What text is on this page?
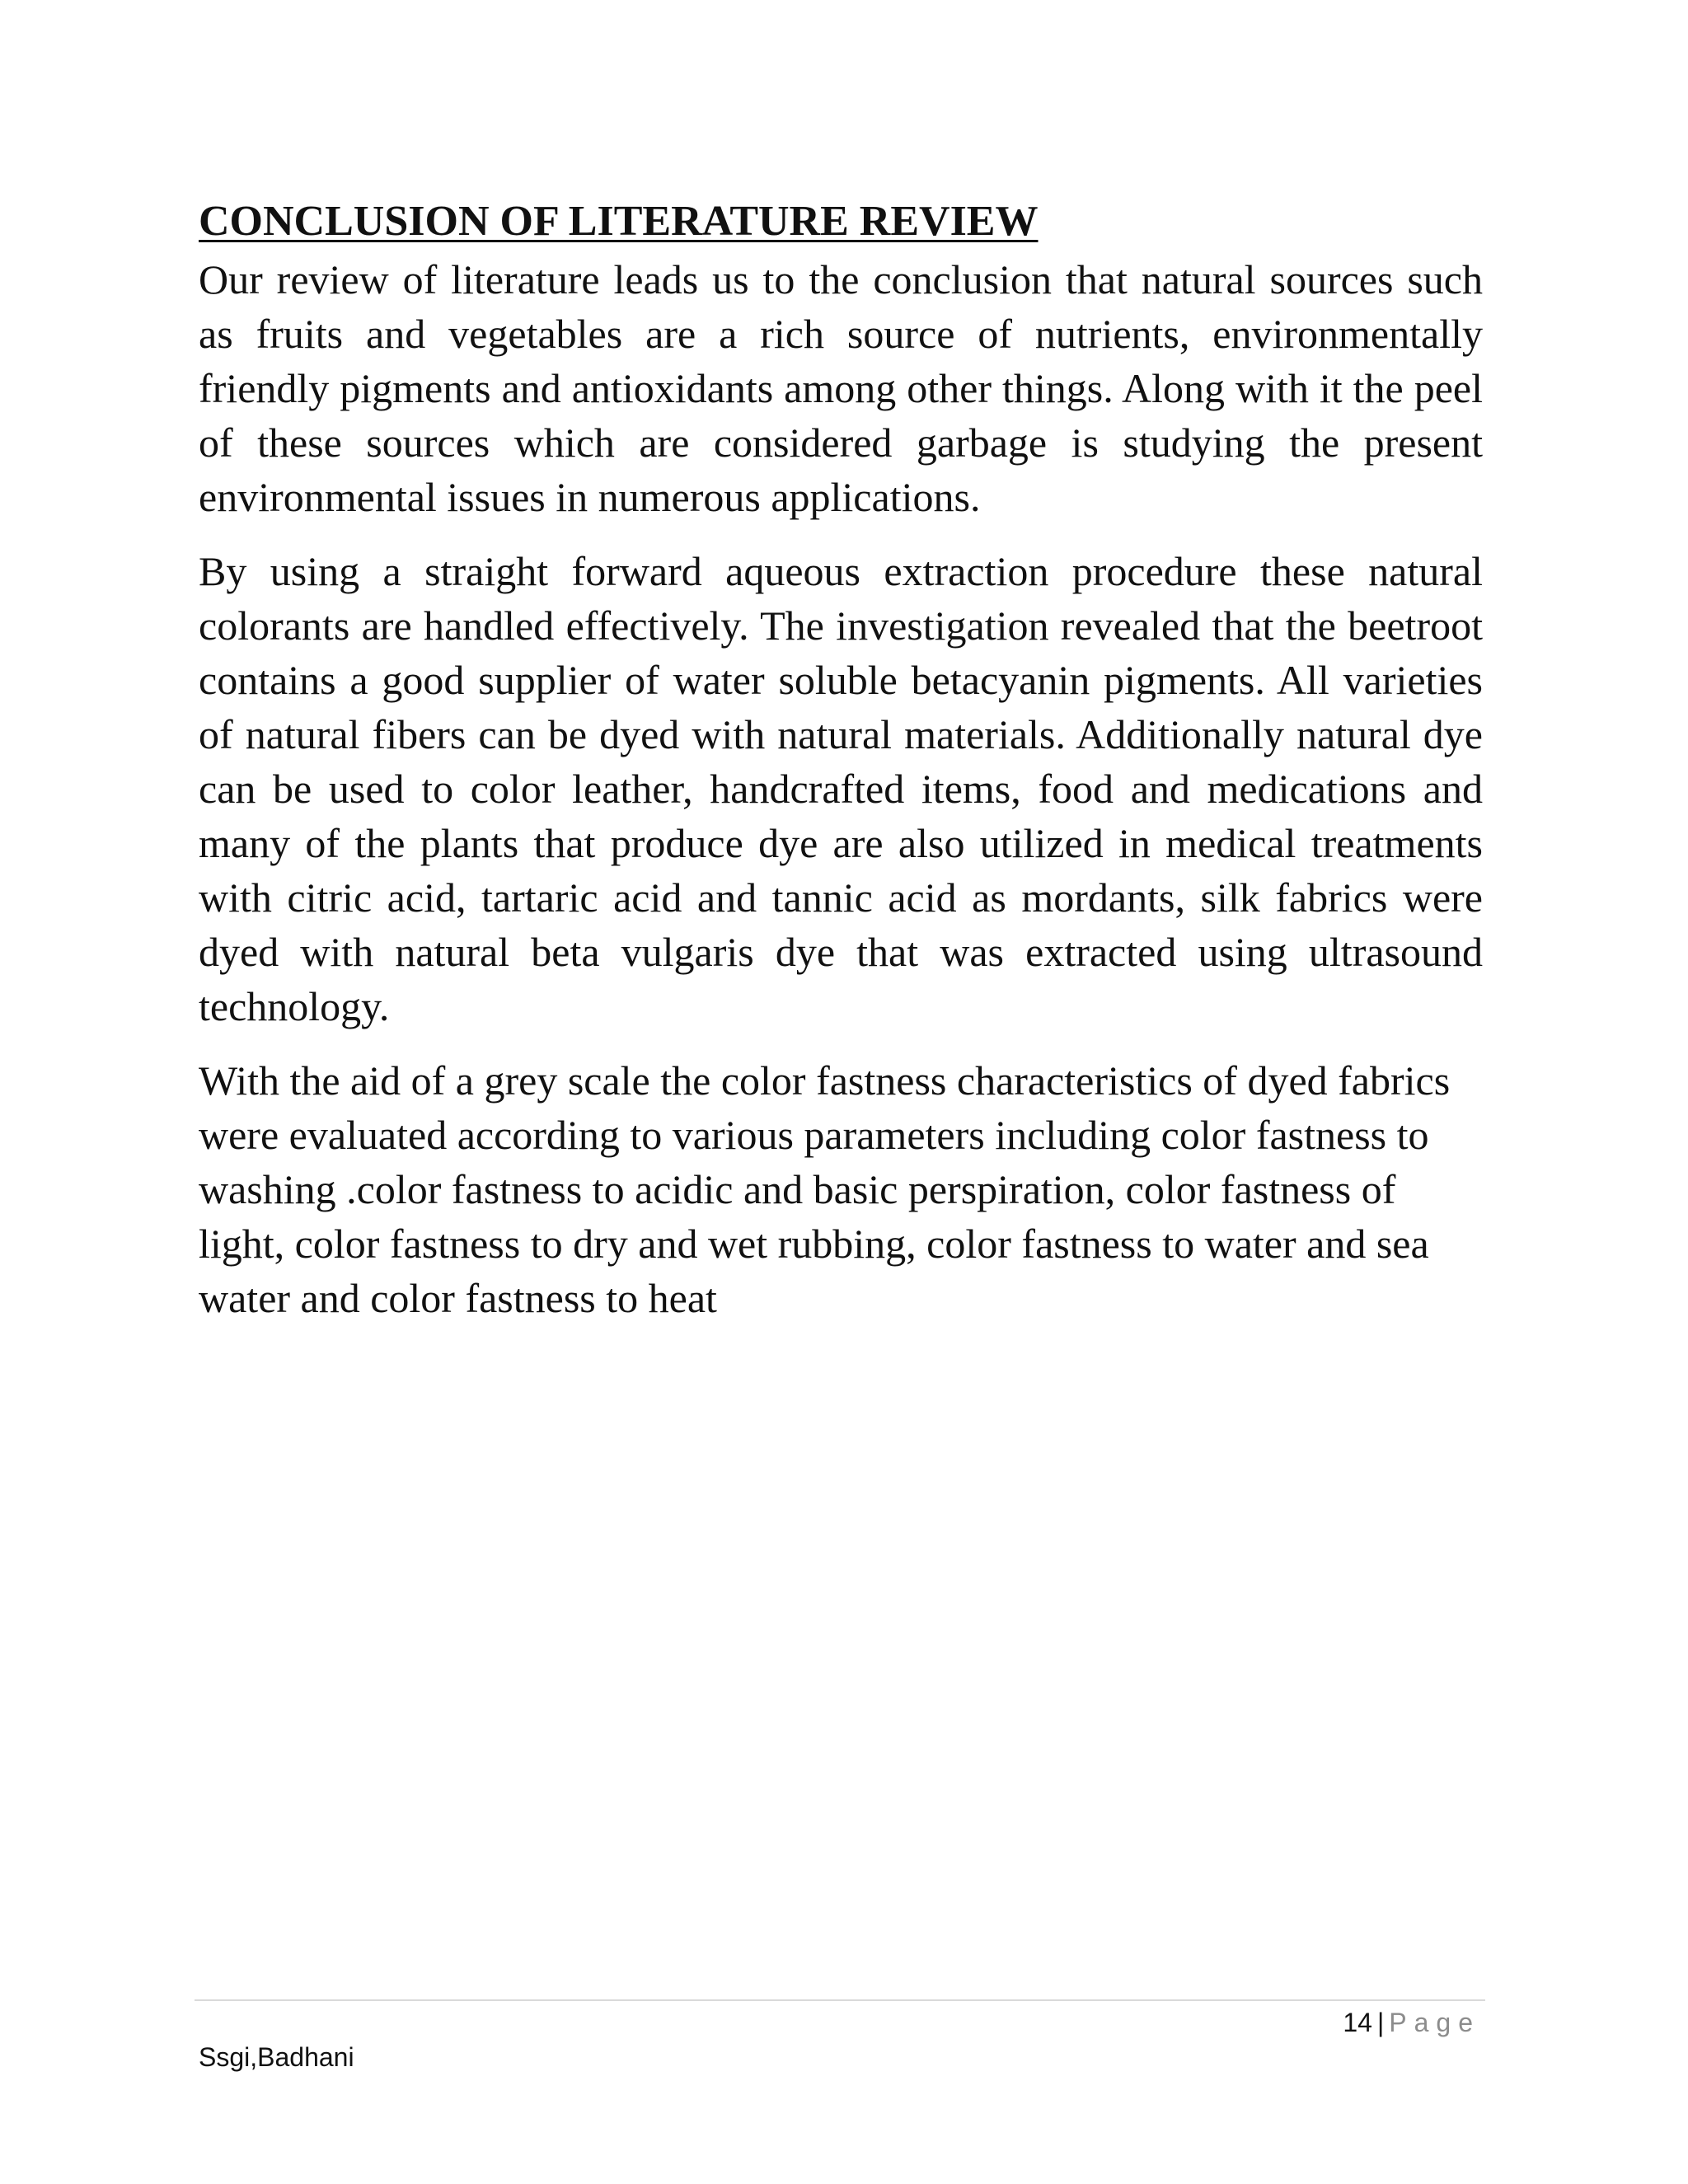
CONCLUSION OF LITERATURE REVIEW

Our review of literature leads us to the conclusion that natural sources such as fruits and vegetables are a rich source of nutrients, environmentally friendly pigments and antioxidants among other things. Along with it the peel of these sources which are considered garbage is studying the present environmental issues in numerous applications.

By using a straight forward aqueous extraction procedure these natural colorants are handled effectively. The investigation revealed that the beetroot contains a good supplier of water soluble betacyanin pigments. All varieties of natural fibers can be dyed with natural materials. Additionally natural dye can be used to color leather, handcrafted items, food and medications and many of the plants that produce dye are also utilized in medical treatments with citric acid, tartaric acid and tannic acid as mordants, silk fabrics were dyed with natural beta vulgaris dye that was extracted using ultrasound technology.

With the aid of a grey scale the color fastness characteristics of dyed fabrics were evaluated according to various parameters including color fastness to washing .color fastness to acidic and basic perspiration, color fastness of light, color fastness to dry and wet rubbing, color fastness to water and sea water and color fastness to heat

14 | Page
Ssgi,Badhani
